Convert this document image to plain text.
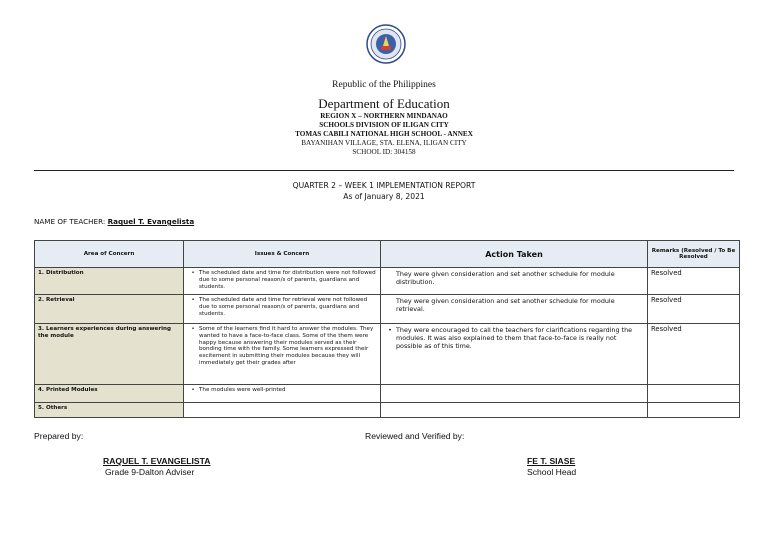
Republic of the Philippines
Department of Education
REGION X – NORTHERN MINDANAO
SCHOOLS DIVISION OF ILIGAN CITY
TOMAS CABILI NATIONAL HIGH SCHOOL - ANNEX
BAYANIHAN VILLAGE, STA. ELENA, ILIGAN CITY
SCHOOL ID: 304158
QUARTER 2 – WEEK 1 IMPLEMENTATION REPORT
As of January 8, 2021
NAME OF TEACHER: Raquel T. Evangelista
Area of Concern	Issues & Concern	Action Taken	Remarks (Resolved / To Be Resolved
1. Distribution	• The scheduled date and time for distribution were not followed due to some personal reason/s of parents, guardians and students.	They were given consideration and set another schedule for module distribution.	Resolved
2. Retrieval	• The scheduled date and time for retrieval were not followed due to some personal reason/s of parents, guardians and students.	They were given consideration and set another schedule for module retrieval.	Resolved
3. Learners experiences during answering the module	• Some of the learners find it hard to answer the modules. They wanted to have a face-to-face class. Some of the them were happy because answering their modules served as their bonding time with the family. Some learners expressed their excitement in submitting their modules because they will immediately get their grades after	• They were encouraged to call the teachers for clarifications regarding the modules. It was also explained to them that face-to-face is really not possible as of this time.	Resolved
4. Printed Modules	• The modules were well-printed		

5. Others			
Prepared by:	Reviewed and Verified by:
RAQUEL T. EVANGELISTA
Grade 9-Dalton Adviser
FE T. SIASE
School Head
